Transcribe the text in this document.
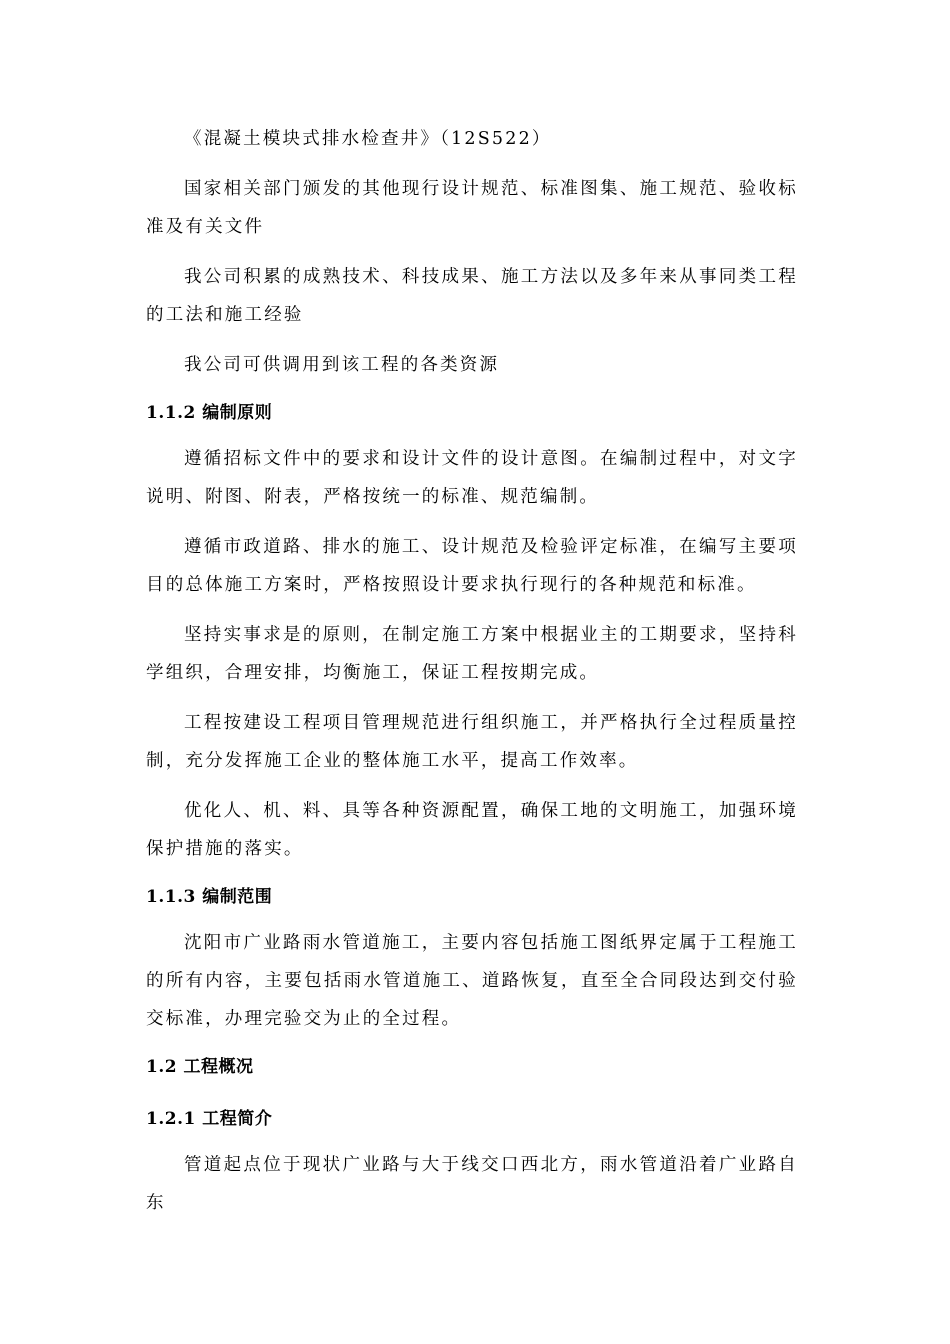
《混凝土模块式排水检查井》（12S522）

国家相关部门颁发的其他现行设计规范、标准图集、施工规范、验收标准及有关文件

我公司积累的成熟技术、科技成果、施工方法以及多年来从事同类工程的工法和施工经验

我公司可供调用到该工程的各类资源

1.1.2 编制原则

遵循招标文件中的要求和设计文件的设计意图。在编制过程中，对文字说明、附图、附表，严格按统一的标准、规范编制。

遵循市政道路、排水的施工、设计规范及检验评定标准，在编写主要项目的总体施工方案时，严格按照设计要求执行现行的各种规范和标准。

坚持实事求是的原则，在制定施工方案中根据业主的工期要求，坚持科学组织，合理安排，均衡施工，保证工程按期完成。

工程按建设工程项目管理规范进行组织施工，并严格执行全过程质量控制，充分发挥施工企业的整体施工水平，提高工作效率。

优化人、机、料、具等各种资源配置，确保工地的文明施工，加强环境保护措施的落实。

1.1.3 编制范围

沈阳市广业路雨水管道施工，主要内容包括施工图纸界定属于工程施工的所有内容，主要包括雨水管道施工、道路恢复，直至全合同段达到交付验交标准，办理完验交为止的全过程。

1.2 工程概况
1.2.1 工程简介

管道起点位于现状广业路与大于线交口西北方，雨水管道沿着广业路自东
